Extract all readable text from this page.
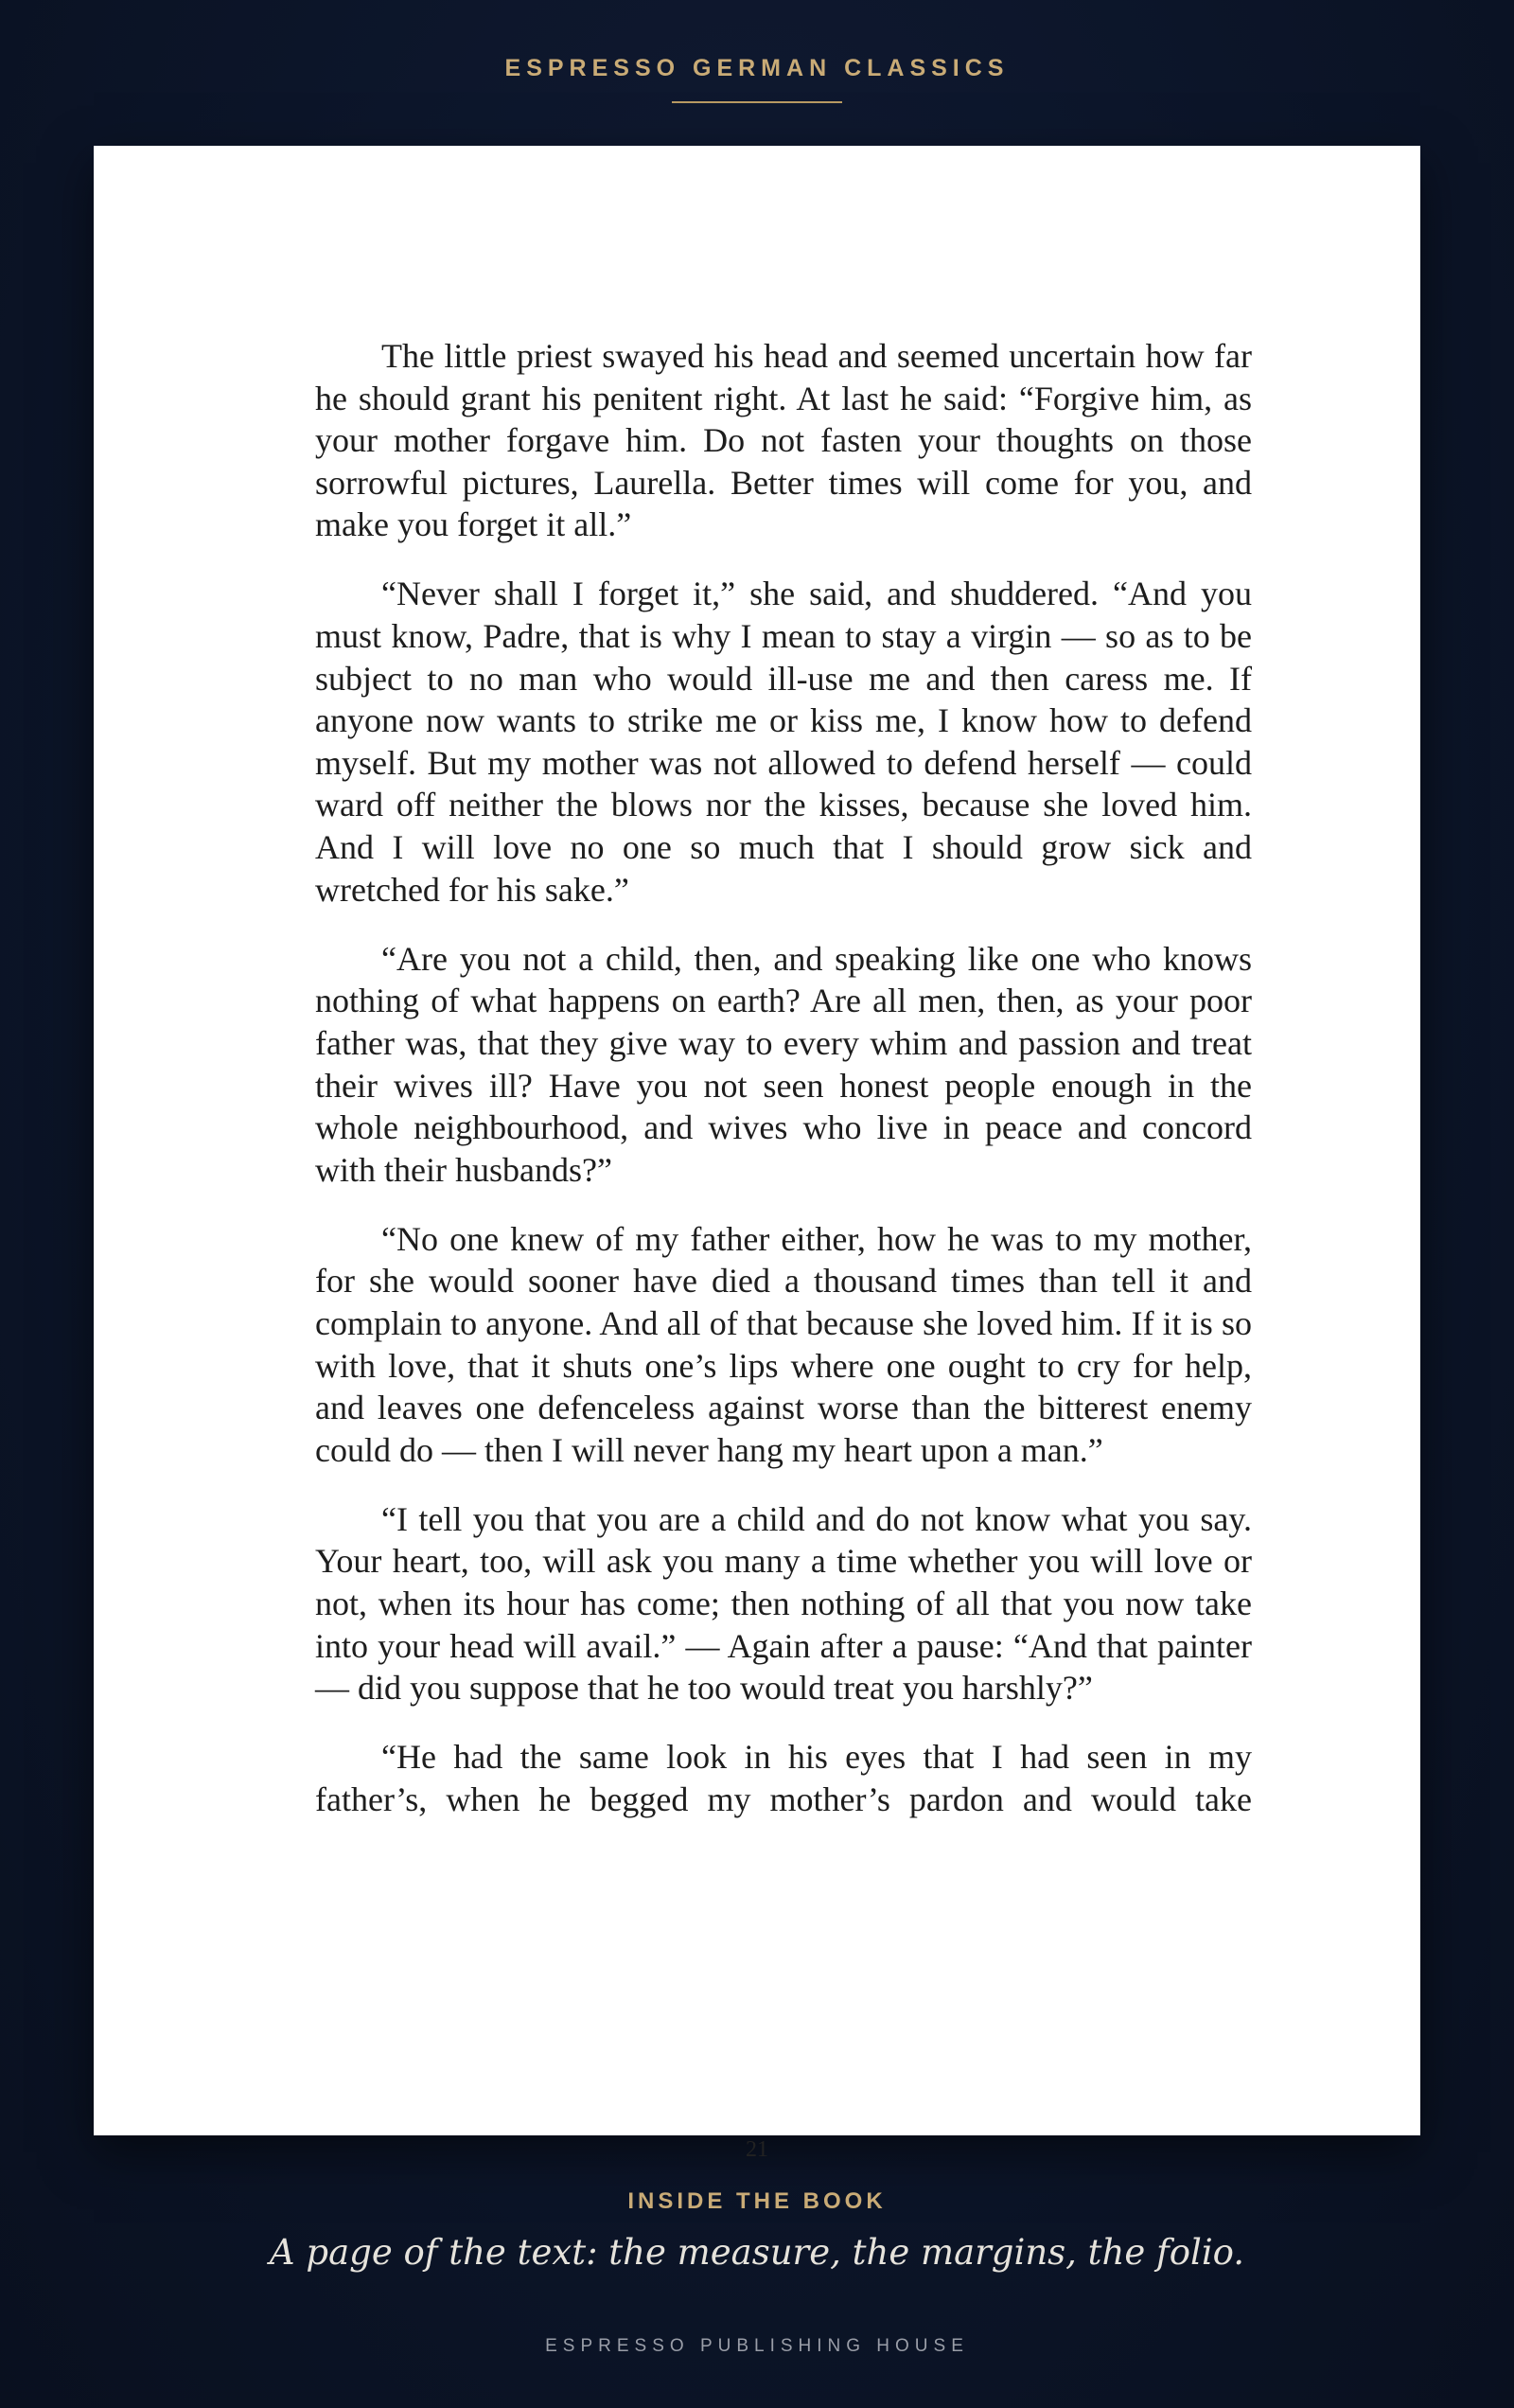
ESPRESSO GERMAN CLASSICS

The little priest swayed his head and seemed uncertain how far he should grant his penitent right. At last he said: “Forgive him, as your mother forgave him. Do not fasten your thoughts on those sorrowful pictures, Laurella. Better times will come for you, and make you forget it all.”

“Never shall I forget it,” she said, and shuddered. “And you must know, Padre, that is why I mean to stay a virgin — so as to be subject to no man who would ill-use me and then caress me. If anyone now wants to strike me or kiss me, I know how to defend myself. But my mother was not allowed to defend herself — could ward off neither the blows nor the kisses, because she loved him. And I will love no one so much that I should grow sick and wretched for his sake.”

“Are you not a child, then, and speaking like one who knows nothing of what happens on earth? Are all men, then, as your poor father was, that they give way to every whim and passion and treat their wives ill? Have you not seen honest people enough in the whole neighbourhood, and wives who live in peace and concord with their husbands?”

“No one knew of my father either, how he was to my mother, for she would sooner have died a thousand times than tell it and complain to anyone. And all of that because she loved him. If it is so with love, that it shuts one’s lips where one ought to cry for help, and leaves one defenceless against worse than the bitterest enemy could do — then I will never hang my heart upon a man.”

“I tell you that you are a child and do not know what you say. Your heart, too, will ask you many a time whether you will love or not, when its hour has come; then nothing of all that you now take into your head will avail.” — Again after a pause: “And that painter — did you suppose that he too would treat you harshly?”

“He had the same look in his eyes that I had seen in my father’s, when he begged my mother’s pardon and would take

21
INSIDE THE BOOK
A page of the text: the measure, the margins, the folio.
ESPRESSO PUBLISHING HOUSE
